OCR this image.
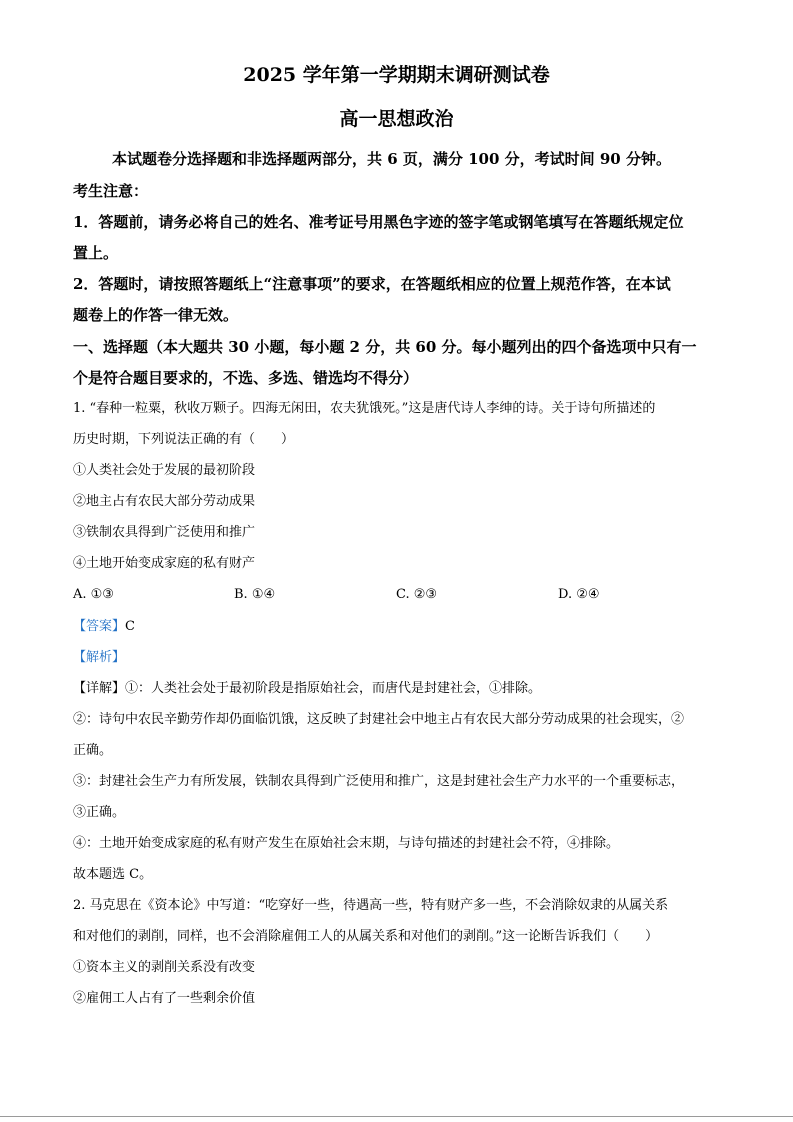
2025 学年第一学期期末调研测试卷
高一思想政治
本试题卷分选择题和非选择题两部分，共 6 页，满分 100 分，考试时间 90 分钟。
考生注意：
1．答题前，请务必将自己的姓名、准考证号用黑色字迹的签字笔或钢笔填写在答题纸规定位
置上。
2．答题时，请按照答题纸上“注意事项”的要求，在答题纸相应的位置上规范作答，在本试
题卷上的作答一律无效。
一、选择题（本大题共 30 小题，每小题 2 分，共 60 分。每小题列出的四个备选项中只有一
个是符合题目要求的，不选、多选、错选均不得分）
1. “春种一粒粟，秋收万颗子。四海无闲田，农夫犹饿死。”这是唐代诗人李绅的诗。关于诗句所描述的
历史时期，下列说法正确的有（　　）
①人类社会处于发展的最初阶段
②地主占有农民大部分劳动成果
③铁制农具得到广泛使用和推广
④土地开始变成家庭的私有财产
A. ①③	B. ①④	C. ②③	D. ②④
【答案】C
【解析】
【详解】①：人类社会处于最初阶段是指原始社会，而唐代是封建社会，①排除。
②：诗句中农民辛勤劳作却仍面临饥饿，这反映了封建社会中地主占有农民大部分劳动成果的社会现实，②
正确。
③：封建社会生产力有所发展，铁制农具得到广泛使用和推广，这是封建社会生产力水平的一个重要标志，
③正确。
④：土地开始变成家庭的私有财产发生在原始社会末期，与诗句描述的封建社会不符，④排除。
故本题选 C。
2. 马克思在《资本论》中写道：“吃穿好一些，待遇高一些，特有财产多一些，不会消除奴隶的从属关系
和对他们的剥削，同样，也不会消除雇佣工人的从属关系和对他们的剥削。”这一论断告诉我们（　　）
①资本主义的剥削关系没有改变
②雇佣工人占有了一些剩余价值
